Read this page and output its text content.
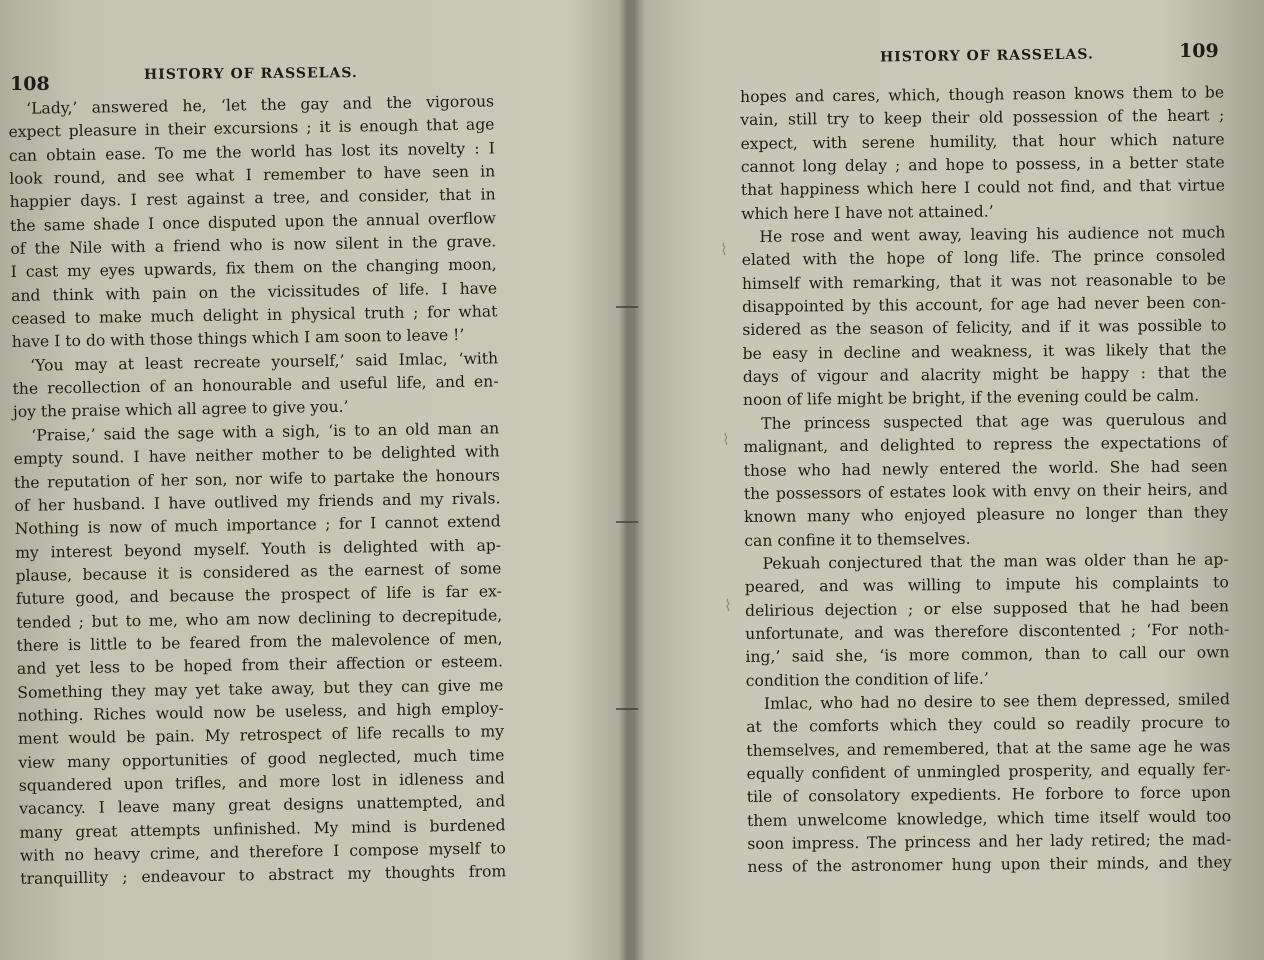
108	HISTORY OF RASSELAS.
‘Lady,’ answered he, ‘let the gay and the vigorous
expect pleasure in their excursions ; it is enough that age
can obtain ease. To me the world has lost its novelty : I
look round, and see what I remember to have seen in
happier days. I rest against a tree, and consider, that in
the same shade I once disputed upon the annual overflow
of the Nile with a friend who is now silent in the grave.
I cast my eyes upwards, fix them on the changing moon,
and think with pain on the vicissitudes of life. I have
ceased to make much delight in physical truth ; for what
have I to do with those things which I am soon to leave !’
‘You may at least recreate yourself,’ said Imlac, ‘with
the recollection of an honourable and useful life, and en-
joy the praise which all agree to give you.’
‘Praise,’ said the sage with a sigh, ‘is to an old man an
empty sound. I have neither mother to be delighted with
the reputation of her son, nor wife to partake the honours
of her husband. I have outlived my friends and my rivals.
Nothing is now of much importance ; for I cannot extend
my interest beyond myself. Youth is delighted with ap-
plause, because it is considered as the earnest of some
future good, and because the prospect of life is far ex-
tended ; but to me, who am now declining to decrepitude,
there is little to be feared from the malevolence of men,
and yet less to be hoped from their affection or esteem.
Something they may yet take away, but they can give me
nothing. Riches would now be useless, and high employ-
ment would be pain. My retrospect of life recalls to my
view many opportunities of good neglected, much time
squandered upon trifles, and more lost in idleness and
vacancy. I leave many great designs unattempted, and
many great attempts unfinished. My mind is burdened
with no heavy crime, and therefore I compose myself to
tranquillity ; endeavour to abstract my thoughts from
HISTORY OF RASSELAS.	109
hopes and cares, which, though reason knows them to be
vain, still try to keep their old possession of the heart ;
expect, with serene humility, that hour which nature
cannot long delay ; and hope to possess, in a better state
that happiness which here I could not find, and that virtue
which here I have not attained.’
He rose and went away, leaving his audience not much
elated with the hope of long life. The prince consoled
himself with remarking, that it was not reasonable to be
disappointed by this account, for age had never been con-
sidered as the season of felicity, and if it was possible to
be easy in decline and weakness, it was likely that the
days of vigour and alacrity might be happy : that the
noon of life might be bright, if the evening could be calm.
The princess suspected that age was querulous and
malignant, and delighted to repress the expectations of
those who had newly entered the world. She had seen
the possessors of estates look with envy on their heirs, and
known many who enjoyed pleasure no longer than they
can confine it to themselves.
Pekuah conjectured that the man was older than he ap-
peared, and was willing to impute his complaints to
delirious dejection ; or else supposed that he had been
unfortunate, and was therefore discontented ; ‘For noth-
ing,’ said she, ‘is more common, than to call our own
condition the condition of life.’
Imlac, who had no desire to see them depressed, smiled
at the comforts which they could so readily procure to
themselves, and remembered, that at the same age he was
equally confident of unmingled prosperity, and equally fer-
tile of consolatory expedients. He forbore to force upon
them unwelcome knowledge, which time itself would too
soon impress. The princess and her lady retired; the mad-
ness of the astronomer hung upon their minds, and they
⌇
⌇
⌇
